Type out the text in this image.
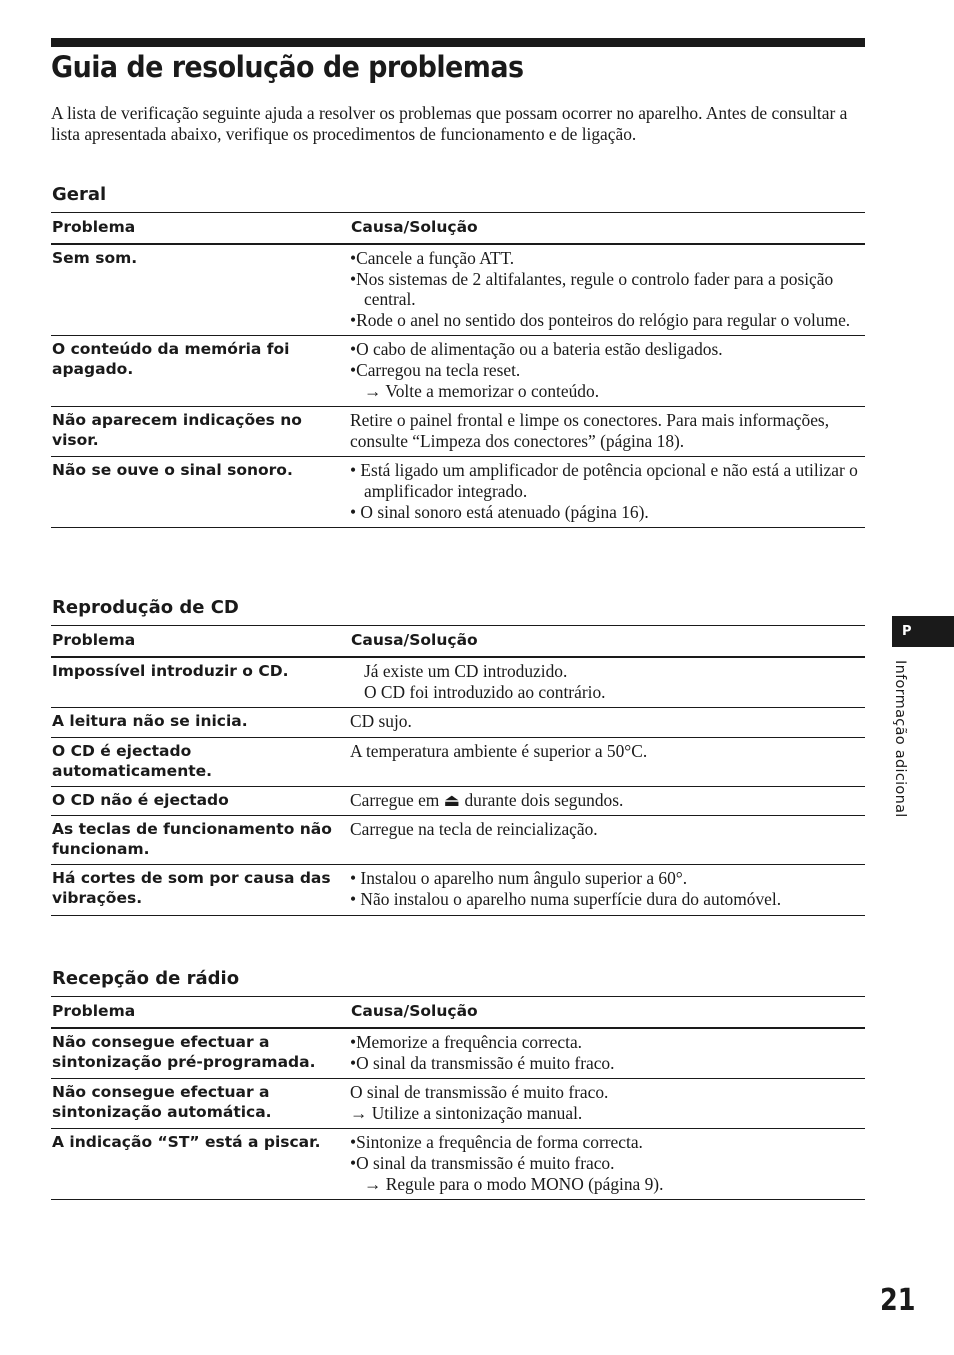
Guia de resolução de problemas

A lista de verificação seguinte ajuda a resolver os problemas que possam ocorrer no aparelho. Antes de consultar a lista apresentada abaixo, verifique os procedimentos de funcionamento e de ligação.

Geral
Problema	Causa/Solução
Sem som.	•Cancele a função ATT.
•Nos sistemas de 2 altifalantes, regule o controlo fader para a posição central.
•Rode o anel no sentido dos ponteiros do relógio para regular o volume.

O conteúdo da memória foi apagado.	•O cabo de alimentação ou a bateria estão desligados.
•Carregou na tecla reset.
→ Volte a memorizar o conteúdo.

Não aparecem indicações no visor.	Retire o painel frontal e limpe os conectores. Para mais informações, consulte “Limpeza dos conectores” (página 18).

Não se ouve o sinal sonoro.	• Está ligado um amplificador de potência opcional e não está a utilizar o amplificador integrado.
• O sinal sonoro está atenuado (página 16).
Reprodução de CD
Problema	Causa/Solução
Impossível introduzir o CD.	Já existe um CD introduzido.
O CD foi introduzido ao contrário.

A leitura não se inicia.	CD sujo.

O CD é ejectado automaticamente.	A temperatura ambiente é superior a 50°C.

O CD não é ejectado	Carregue em ⏏ durante dois segundos.

As teclas de funcionamento não funcionam.	Carregue na tecla de reincialização.

Há cortes de som por causa das vibrações.	• Instalou o aparelho num ângulo superior a 60°.
• Não instalou o aparelho numa superfície dura do automóvel.
Recepção de rádio
Problema	Causa/Solução
Não consegue efectuar a sintonização pré-programada.	•Memorize a frequência correcta.
•O sinal da transmissão é muito fraco.

Não consegue efectuar a sintonização automática.	O sinal de transmissão é muito fraco.
→ Utilize a sintonização manual.

A indicação “ST” está a piscar.	•Sintonize a frequência de forma correcta.
•O sinal da transmissão é muito fraco.
→ Regule para o modo MONO (página 9).
P
Informação adicional
21
